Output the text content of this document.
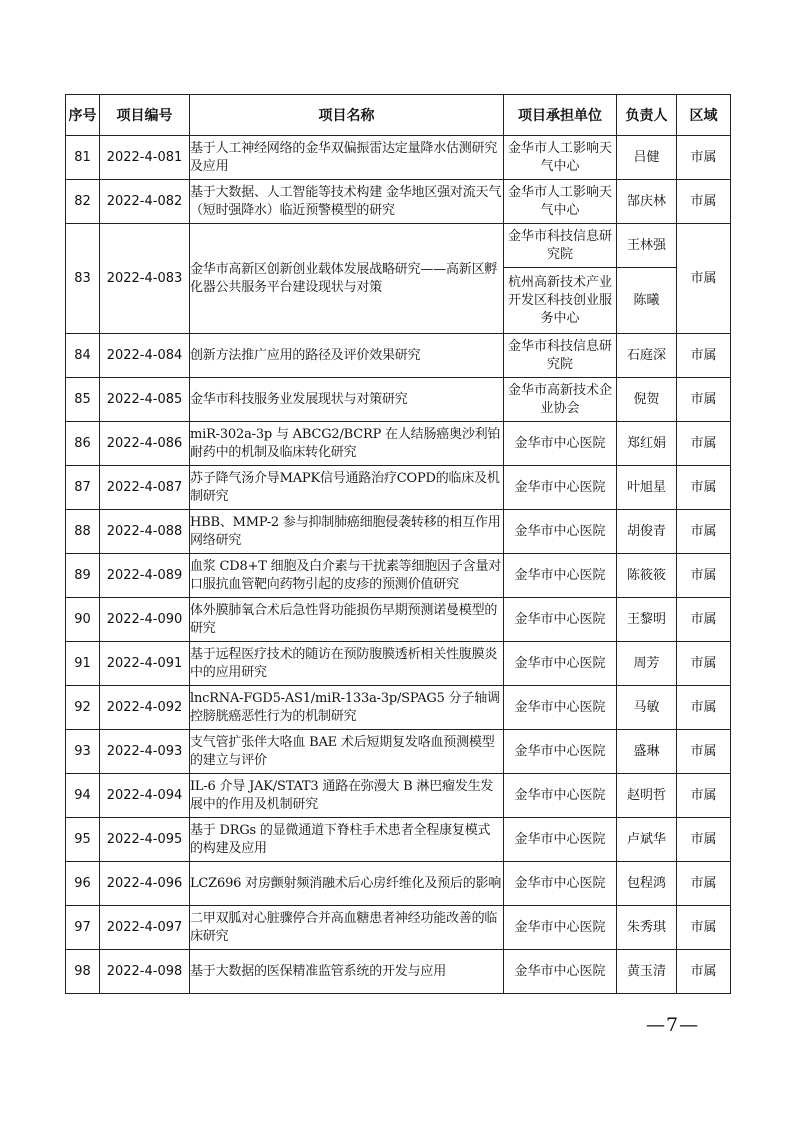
序号	项目编号	项目名称	项目承担单位	负责人	区域
81	2022-4-081	基于人工神经网络的金华双偏振雷达定量降水估测研究及应用	金华市人工影响天气中心	吕健	市属
82	2022-4-082	基于大数据、人工智能等技术构建 金华地区强对流天气（短时强降水）临近预警模型的研究	金华市人工影响天气中心	郜庆林	市属
83	2022-4-083	金华市高新区创新创业载体发展战略研究——高新区孵化器公共服务平台建设现状与对策	金华市科技信息研究院	王林强	市属
			杭州高新技术产业开发区科技创业服务中心	陈曦	
84	2022-4-084	创新方法推广应用的路径及评价效果研究	金华市科技信息研究院	石庭深	市属
85	2022-4-085	金华市科技服务业发展现状与对策研究	金华市高新技术企业协会	倪贺	市属
86	2022-4-086	miR-302a-3p 与 ABCG2/BCRP 在人结肠癌奥沙利铂耐药中的机制及临床转化研究	金华市中心医院	郑红娟	市属
87	2022-4-087	苏子降气汤介导MAPK信号通路治疗COPD的临床及机制研究	金华市中心医院	叶旭星	市属
88	2022-4-088	HBB、MMP-2 参与抑制肺癌细胞侵袭转移的相互作用网络研究	金华市中心医院	胡俊青	市属
89	2022-4-089	血浆 CD8+T 细胞及白介素与干扰素等细胞因子含量对口服抗血管靶向药物引起的皮疹的预测价值研究	金华市中心医院	陈筱筱	市属
90	2022-4-090	体外膜肺氧合术后急性肾功能损伤早期预测诺曼模型的研究	金华市中心医院	王黎明	市属
91	2022-4-091	基于远程医疗技术的随访在预防腹膜透析相关性腹膜炎中的应用研究	金华市中心医院	周芳	市属
92	2022-4-092	lncRNA-FGD5-AS1/miR-133a-3p/SPAG5 分子轴调控膀胱癌恶性行为的机制研究	金华市中心医院	马敏	市属
93	2022-4-093	支气管扩张伴大咯血 BAE 术后短期复发咯血预测模型的建立与评价	金华市中心医院	盛琳	市属
94	2022-4-094	IL-6 介导 JAK/STAT3 通路在弥漫大 B 淋巴瘤发生发展中的作用及机制研究	金华市中心医院	赵明哲	市属
95	2022-4-095	基于 DRGs 的显微通道下脊柱手术患者全程康复模式的构建及应用	金华市中心医院	卢斌华	市属
96	2022-4-096	LCZ696 对房颤射频消融术后心房纤维化及预后的影响	金华市中心医院	包程鸿	市属
97	2022-4-097	二甲双胍对心脏骤停合并高血糖患者神经功能改善的临床研究	金华市中心医院	朱秀琪	市属
98	2022-4-098	基于大数据的医保精准监管系统的开发与应用	金华市中心医院	黄玉清	市属
—7—
